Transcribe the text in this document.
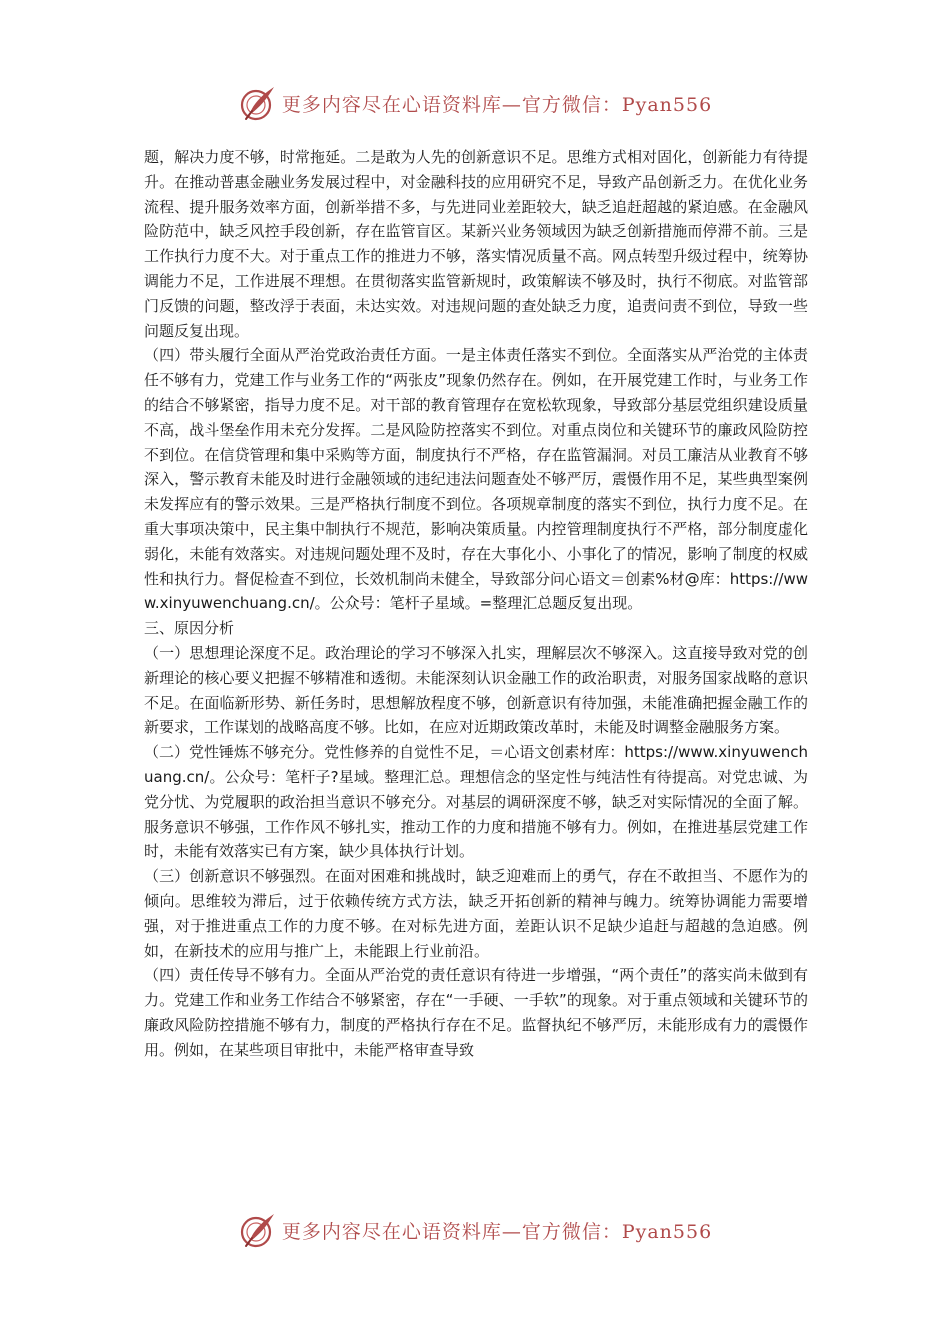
更多内容尽在心语资料库—官方微信：Pyan556

题，解决力度不够，时常拖延。二是敢为人先的创新意识不足。思维方式相对固化，创新能力有待提升。在推动普惠金融业务发展过程中，对金融科技的应用研究不足，导致产品创新乏力。在优化业务流程、提升服务效率方面，创新举措不多，与先进同业差距较大，缺乏追赶超越的紧迫感。在金融风险防范中，缺乏风控手段创新，存在监管盲区。某新兴业务领域因为缺乏创新措施而停滞不前。三是工作执行力度不大。对于重点工作的推进力不够，落实情况质量不高。网点转型升级过程中，统筹协调能力不足，工作进展不理想。在贯彻落实监管新规时，政策解读不够及时，执行不彻底。对监管部门反馈的问题，整改浮于表面，未达实效。对违规问题的查处缺乏力度，追责问责不到位，导致一些问题反复出现。

（四）带头履行全面从严治党政治责任方面。一是主体责任落实不到位。全面落实从严治党的主体责任不够有力，党建工作与业务工作的“两张皮”现象仍然存在。例如，在开展党建工作时，与业务工作的结合不够紧密，指导力度不足。对干部的教育管理存在宽松软现象，导致部分基层党组织建设质量不高，战斗堡垒作用未充分发挥。二是风险防控落实不到位。对重点岗位和关键环节的廉政风险防控不到位。在信贷管理和集中采购等方面，制度执行不严格，存在监管漏洞。对员工廉洁从业教育不够深入，警示教育未能及时进行金融领域的违纪违法问题查处不够严厉，震慑作用不足，某些典型案例未发挥应有的警示效果。三是严格执行制度不到位。各项规章制度的落实不到位，执行力度不足。在重大事项决策中，民主集中制执行不规范，影响决策质量。内控管理制度执行不严格，部分制度虚化弱化，未能有效落实。对违规问题处理不及时，存在大事化小、小事化了的情况，影响了制度的权威性和执行力。督促检查不到位，长效机制尚未健全，导致部分问心语文＝创素%材@库：https://www.xinyuwenchuang.cn/。公众号：笔杆子星域。=整理汇总题反复出现。

三、原因分析

（一）思想理论深度不足。政治理论的学习不够深入扎实，理解层次不够深入。这直接导致对党的创新理论的核心要义把握不够精准和透彻。未能深刻认识金融工作的政治职责，对服务国家战略的意识不足。在面临新形势、新任务时，思想解放程度不够，创新意识有待加强，未能准确把握金融工作的新要求，工作谋划的战略高度不够。比如，在应对近期政策改革时，未能及时调整金融服务方案。

（二）党性锤炼不够充分。党性修养的自觉性不足，＝心语文创素材库：https://www.xinyuwenchuang.cn/。公众号：笔杆子?星域。整理汇总。理想信念的坚定性与纯洁性有待提高。对党忠诚、为党分忧、为党履职的政治担当意识不够充分。对基层的调研深度不够，缺乏对实际情况的全面了解。服务意识不够强，工作作风不够扎实，推动工作的力度和措施不够有力。例如，在推进基层党建工作时，未能有效落实已有方案，缺少具体执行计划。

（三）创新意识不够强烈。在面对困难和挑战时，缺乏迎难而上的勇气，存在不敢担当、不愿作为的倾向。思维较为滞后，过于依赖传统方式方法，缺乏开拓创新的精神与魄力。统筹协调能力需要增强，对于推进重点工作的力度不够。在对标先进方面，差距认识不足缺少追赶与超越的急迫感。例如，在新技术的应用与推广上，未能跟上行业前沿。

（四）责任传导不够有力。全面从严治党的责任意识有待进一步增强，“两个责任”的落实尚未做到有力。党建工作和业务工作结合不够紧密，存在“一手硬、一手软”的现象。对于重点领域和关键环节的廉政风险防控措施不够有力，制度的严格执行存在不足。监督执纪不够严厉，未能形成有力的震慑作用。例如，在某些项目审批中，未能严格审查导致

更多内容尽在心语资料库—官方微信：Pyan556
